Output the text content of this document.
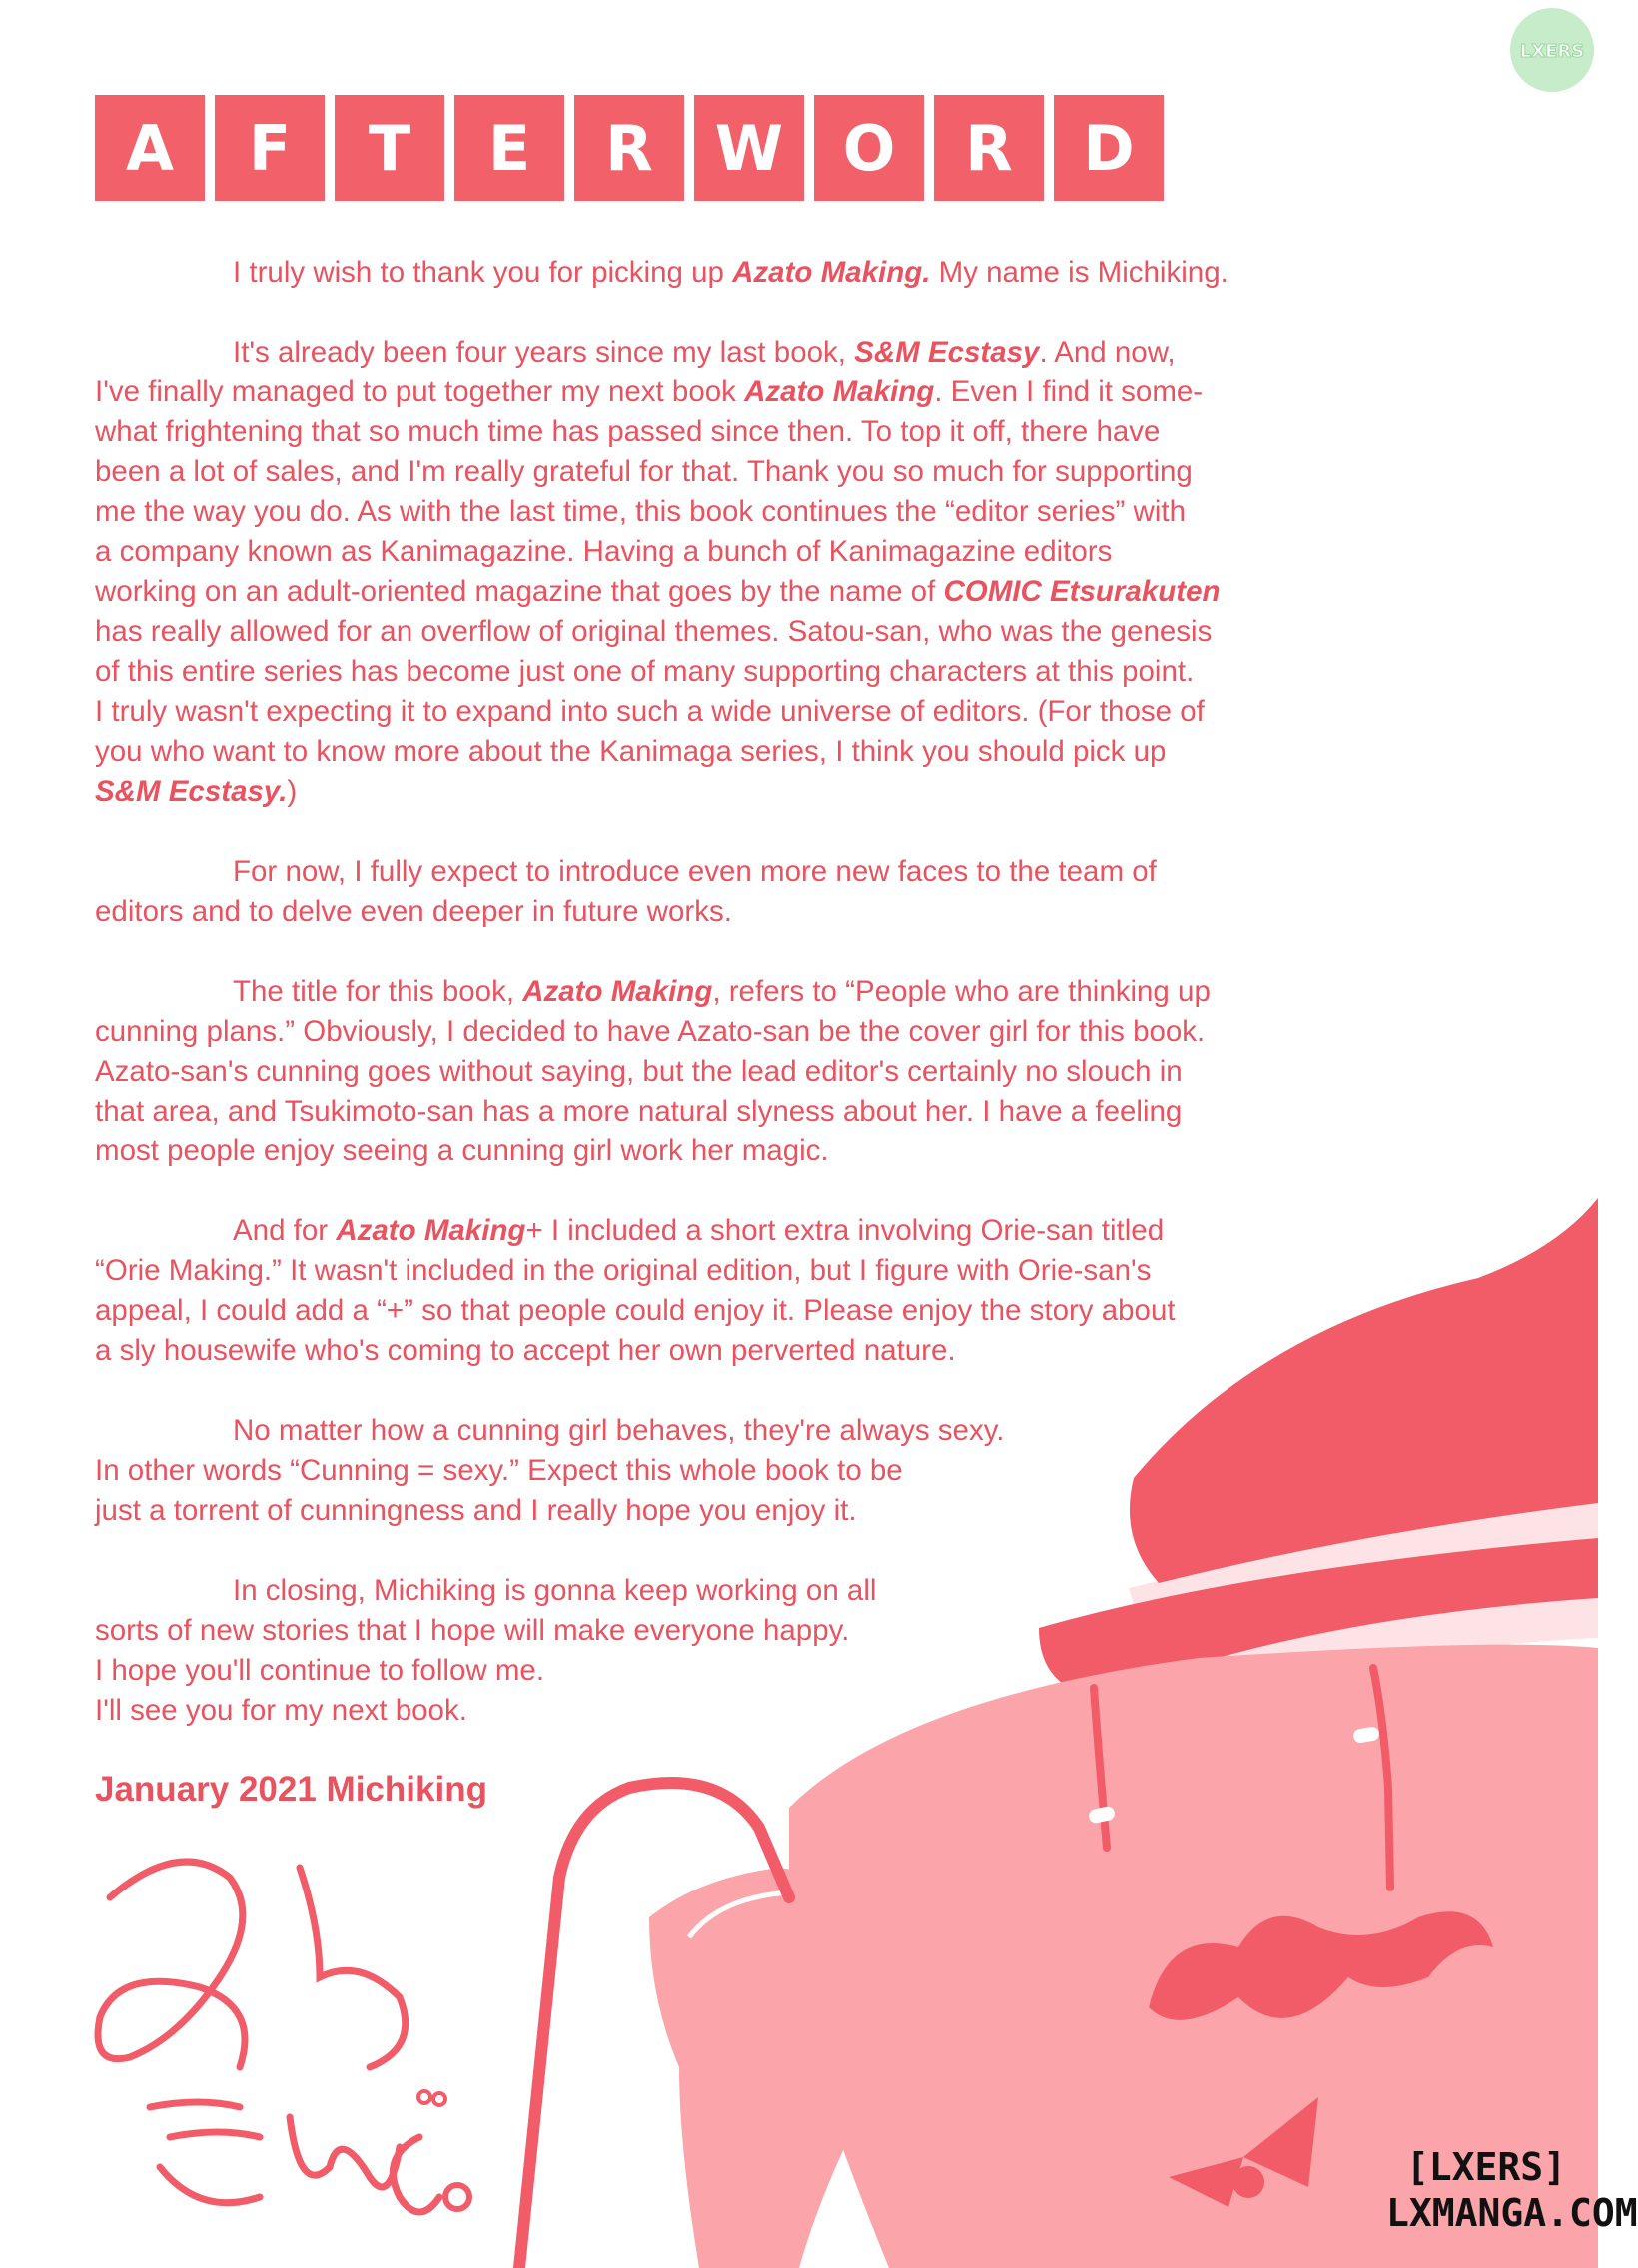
LXERS
A	F	T	E	R W O	R	D
I truly wish to thank you for picking up Azato Making. My name is Michiking.
It's already been four years since my last book, S&M Ecstasy. And now,
I've finally managed to put together my next book Azato Making. Even I find it some-
what frightening that so much time has passed since then. To top it off, there have
been a lot of sales, and I'm really grateful for that. Thank you so much for supporting
me the way you do. As with the last time, this book continues the “editor series” with
a company known as Kanimagazine. Having a bunch of Kanimagazine editors
working on an adult-oriented magazine that goes by the name of COMIC Etsurakuten
has really allowed for an overflow of original themes. Satou-san, who was the genesis
of this entire series has become just one of many supporting characters at this point.
I truly wasn't expecting it to expand into such a wide universe of editors. (For those of
you who want to know more about the Kanimaga series, I think you should pick up
S&M Ecstasy.)
For now, I fully expect to introduce even more new faces to the team of
editors and to delve even deeper in future works.
The title for this book, Azato Making, refers to “People who are thinking up
cunning plans.” Obviously, I decided to have Azato-san be the cover girl for this book.
Azato-san's cunning goes without saying, but the lead editor's certainly no slouch in
that area, and Tsukimoto-san has a more natural slyness about her. I have a feeling
most people enjoy seeing a cunning girl work her magic.
And for Azato Making+ I included a short extra involving Orie-san titled
“Orie Making.” It wasn't included in the original edition, but I figure with Orie-san's
appeal, I could add a “+” so that people could enjoy it. Please enjoy the story about
a sly housewife who's coming to accept her own perverted nature.
No matter how a cunning girl behaves, they're always sexy.
In other words “Cunning = sexy.” Expect this whole book to be
just a torrent of cunningness and I really hope you enjoy it.
In closing, Michiking is gonna keep working on all
sorts of new stories that I hope will make everyone happy.
I hope you'll continue to follow me.
I'll see you for my next book.
January 2021 Michiking
[LXERS]
LXMANGA.COM
